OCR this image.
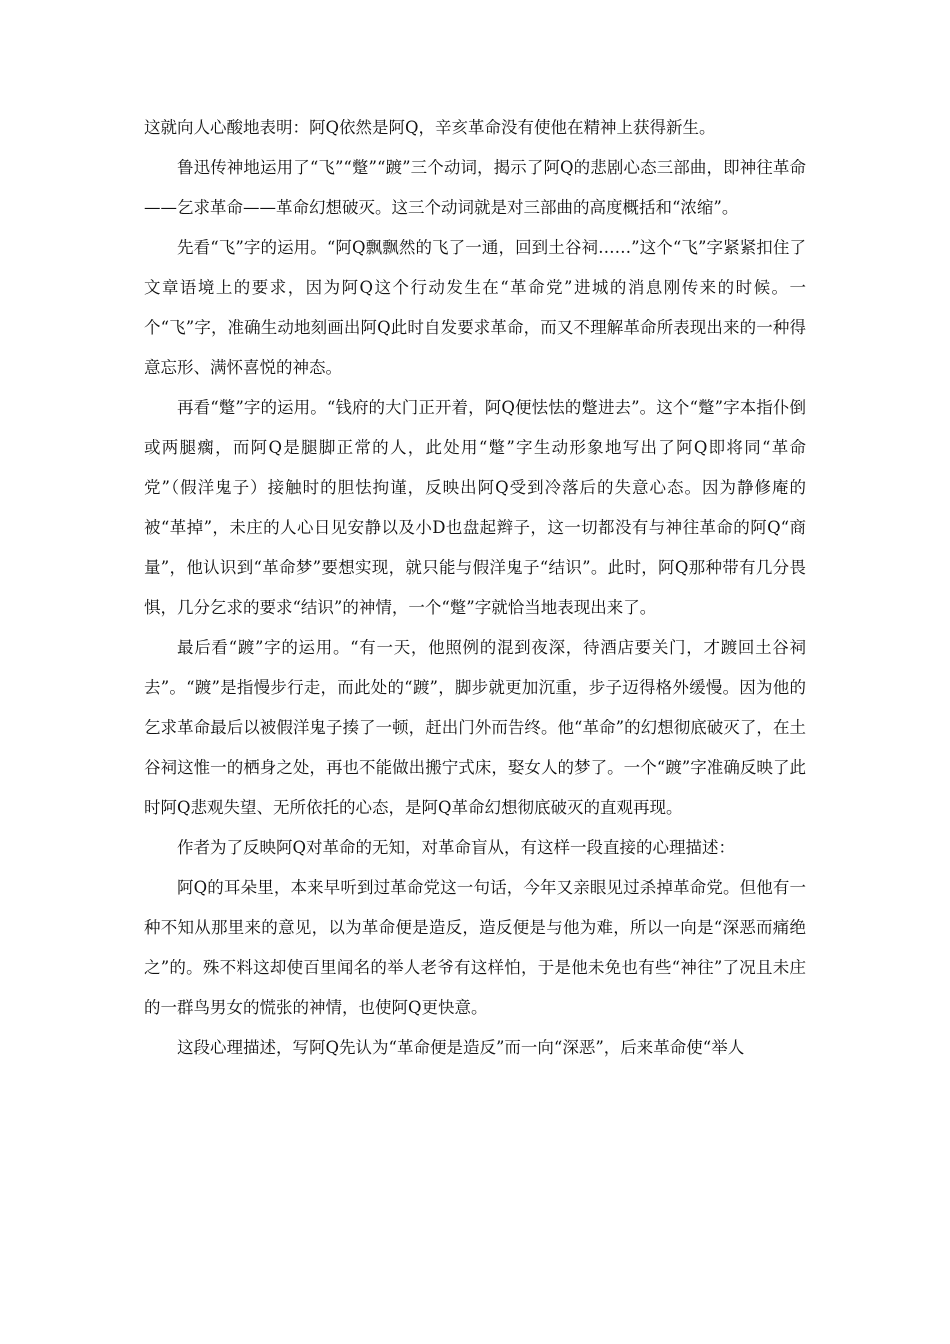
这就向人心酸地表明：阿Q依然是阿Q，辛亥革命没有使他在精神上获得新生。

鲁迅传神地运用了“飞”“蹩”“踱”三个动词，揭示了阿Q的悲剧心态三部曲，即神往革命——乞求革命——革命幻想破灭。这三个动词就是对三部曲的高度概括和“浓缩”。

先看“飞”字的运用。“阿Q飘飘然的飞了一通，回到土谷祠……”这个“飞”字紧紧扣住了文章语境上的要求，因为阿Q这个行动发生在“革命党”进城的消息刚传来的时候。一个“飞”字，准确生动地刻画出阿Q此时自发要求革命，而又不理解革命所表现出来的一种得意忘形、满怀喜悦的神态。

再看“蹩”字的运用。“钱府的大门正开着，阿Q便怯怯的蹩进去”。这个“蹩”字本指仆倒或两腿瘸，而阿Q是腿脚正常的人，此处用“蹩”字生动形象地写出了阿Q即将同“革命党”（假洋鬼子）接触时的胆怯拘谨，反映出阿Q受到冷落后的失意心态。因为静修庵的被“革掉”，未庄的人心日见安静以及小D也盘起辫子，这一切都没有与神往革命的阿Q“商量”，他认识到“革命梦”要想实现，就只能与假洋鬼子“结识”。此时，阿Q那种带有几分畏惧，几分乞求的要求“结识”的神情，一个“蹩”字就恰当地表现出来了。

最后看“踱”字的运用。“有一天，他照例的混到夜深，待酒店要关门，才踱回土谷祠去”。“踱”是指慢步行走，而此处的“踱”，脚步就更加沉重，步子迈得格外缓慢。因为他的乞求革命最后以被假洋鬼子揍了一顿，赶出门外而告终。他“革命”的幻想彻底破灭了，在土谷祠这惟一的栖身之处，再也不能做出搬宁式床，娶女人的梦了。一个“踱”字准确反映了此时阿Q悲观失望、无所依托的心态，是阿Q革命幻想彻底破灭的直观再现。

作者为了反映阿Q对革命的无知，对革命盲从，有这样一段直接的心理描述：

阿Q的耳朵里，本来早听到过革命党这一句话，今年又亲眼见过杀掉革命党。但他有一种不知从那里来的意见，以为革命便是造反，造反便是与他为难，所以一向是“深恶而痛绝之”的。殊不料这却使百里闻名的举人老爷有这样怕，于是他未免也有些“神往”了况且未庄的一群鸟男女的慌张的神情，也使阿Q更快意。

这段心理描述，写阿Q先认为“革命便是造反”而一向“深恶”，后来革命使“举人
